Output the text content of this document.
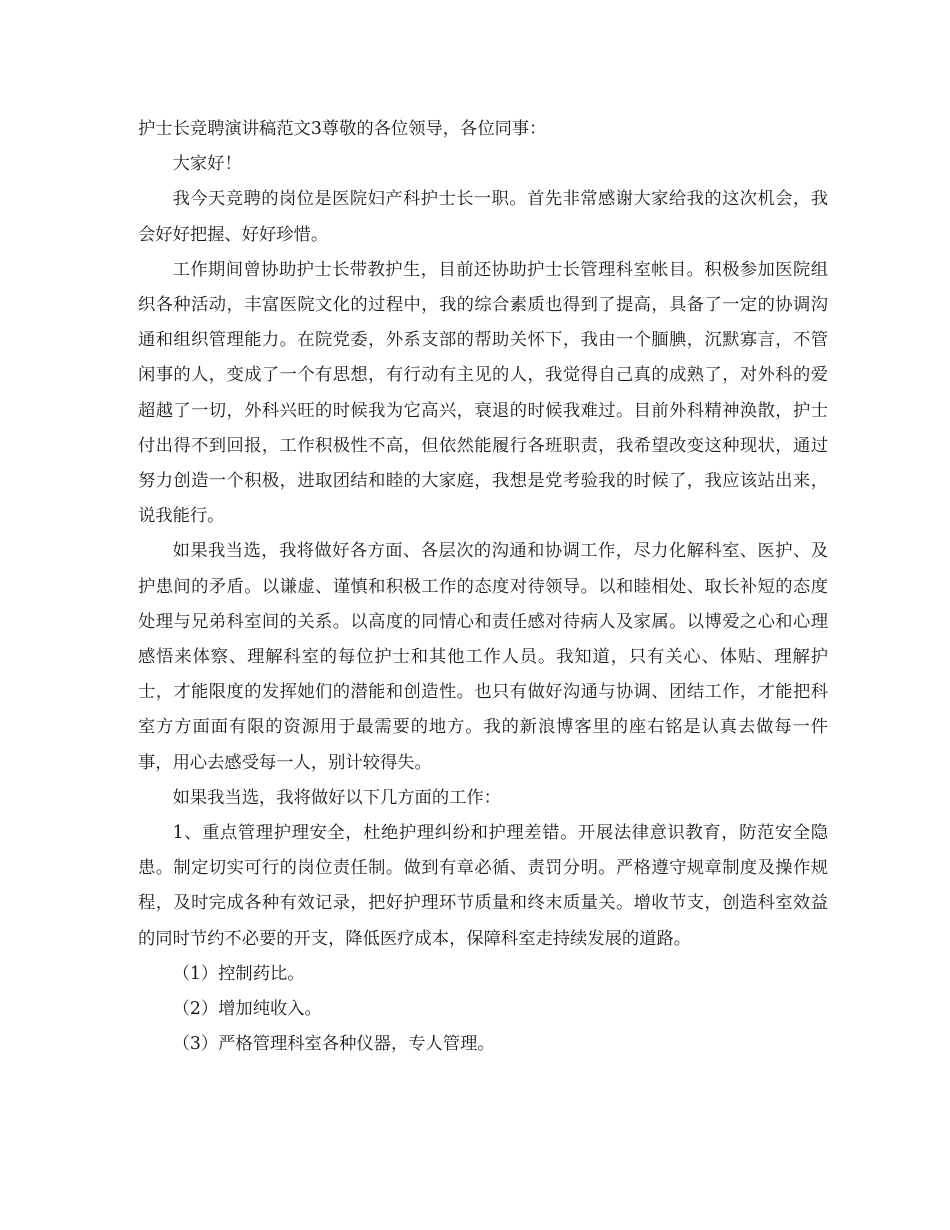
护士长竞聘演讲稿范文3尊敬的各位领导，各位同事：

大家好！

我今天竞聘的岗位是医院妇产科护士长一职。首先非常感谢大家给我的这次机会，我会好好把握、好好珍惜。

工作期间曾协助护士长带教护生，目前还协助护士长管理科室帐目。积极参加医院组织各种活动，丰富医院文化的过程中，我的综合素质也得到了提高，具备了一定的协调沟通和组织管理能力。在院党委，外系支部的帮助关怀下，我由一个腼腆，沉默寡言，不管闲事的人，变成了一个有思想，有行动有主见的人，我觉得自己真的成熟了，对外科的爱超越了一切，外科兴旺的时候我为它高兴，衰退的时候我难过。目前外科精神涣散，护士付出得不到回报，工作积极性不高，但依然能履行各班职责，我希望改变这种现状，通过努力创造一个积极，进取团结和睦的大家庭，我想是党考验我的时候了，我应该站出来，说我能行。

如果我当选，我将做好各方面、各层次的沟通和协调工作，尽力化解科室、医护、及护患间的矛盾。以谦虚、谨慎和积极工作的态度对待领导。以和睦相处、取长补短的态度处理与兄弟科室间的关系。以高度的同情心和责任感对待病人及家属。以博爱之心和心理感悟来体察、理解科室的每位护士和其他工作人员。我知道，只有关心、体贴、理解护士，才能限度的发挥她们的潜能和创造性。也只有做好沟通与协调、团结工作，才能把科室方方面面有限的资源用于最需要的地方。我的新浪博客里的座右铭是认真去做每一件事，用心去感受每一人，别计较得失。

如果我当选，我将做好以下几方面的工作：

1、重点管理护理安全，杜绝护理纠纷和护理差错。开展法律意识教育，防范安全隐患。制定切实可行的岗位责任制。做到有章必循、责罚分明。严格遵守规章制度及操作规程，及时完成各种有效记录，把好护理环节质量和终末质量关。增收节支，创造科室效益的同时节约不必要的开支，降低医疗成本，保障科室走持续发展的道路。

（1）控制药比。

（2）增加纯收入。

（3）严格管理科室各种仪器，专人管理。
